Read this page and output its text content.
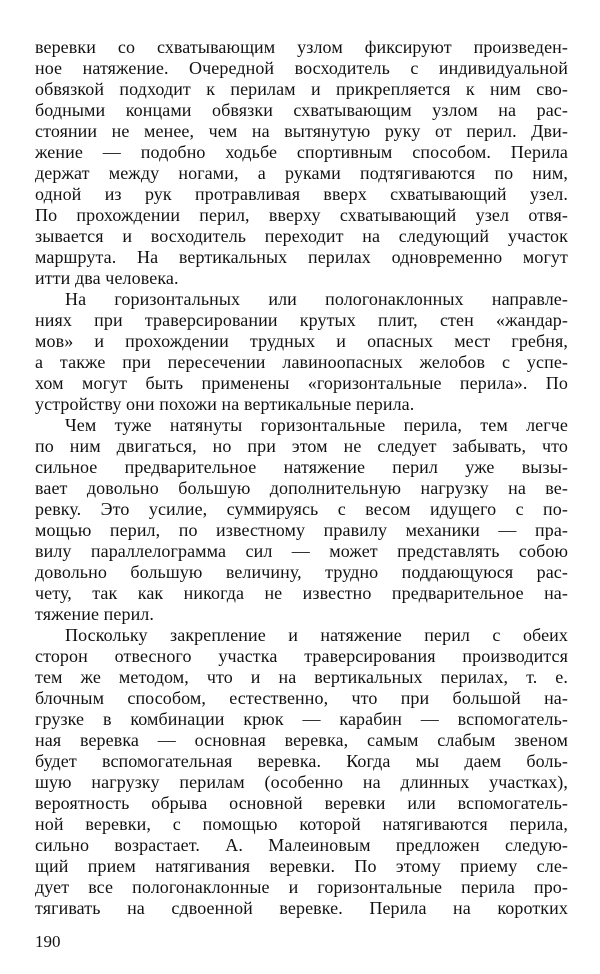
веревки со схватывающим узлом фиксируют произведен-
ное натяжение. Очередной восходитель с индивидуальной
обвязкой подходит к перилам и прикрепляется к ним сво-
бодными концами обвязки схватывающим узлом на рас-
стоянии не менее, чем на вытянутую руку от перил. Дви-
жение — подобно ходьбе спортивным способом. Перила
держат между ногами, а руками подтягиваются по ним,
одной из рук протравливая вверх схватывающий узел.
По прохождении перил, вверху схватывающий узел отвя-
зывается и восходитель переходит на следующий участок
маршрута. На вертикальных перилах одновременно могут
итти два человека.
На горизонтальных или пологонаклонных направле-
ниях при траверсировании крутых плит, стен «жандар-
мов» и прохождении трудных и опасных мест гребня,
а также при пересечении лавиноопасных желобов с успе-
хом могут быть применены «горизонтальные перила». По
устройству они похожи на вертикальные перила.
Чем туже натянуты горизонтальные перила, тем легче
по ним двигаться, но при этом не следует забывать, что
сильное предварительное натяжение перил уже вызы-
вает довольно большую дополнительную нагрузку на ве-
ревку. Это усилие, суммируясь с весом идущего с по-
мощью перил, по известному правилу механики — пра-
вилу параллелограмма сил — может представлять собою
довольно большую величину, трудно поддающуюся рас-
чету, так как никогда не известно предварительное на-
тяжение перил.
Поскольку закрепление и натяжение перил с обеих
сторон отвесного участка траверсирования производится
тем же методом, что и на вертикальных перилах, т. е.
блочным способом, естественно, что при большой на-
грузке в комбинации крюк — карабин — вспомогатель-
ная веревка — основная веревка, самым слабым звеном
будет вспомогательная веревка. Когда мы даем боль-
шую нагрузку перилам (особенно на длинных участках),
вероятность обрыва основной веревки или вспомогатель-
ной веревки, с помощью которой натягиваются перила,
сильно возрастает. А. Малеиновым предложен следую-
щий прием натягивания веревки. По этому приему сле-
дует все пологонаклонные и горизонтальные перила про-
тягивать на сдвоенной веревке. Перила на коротких
190
